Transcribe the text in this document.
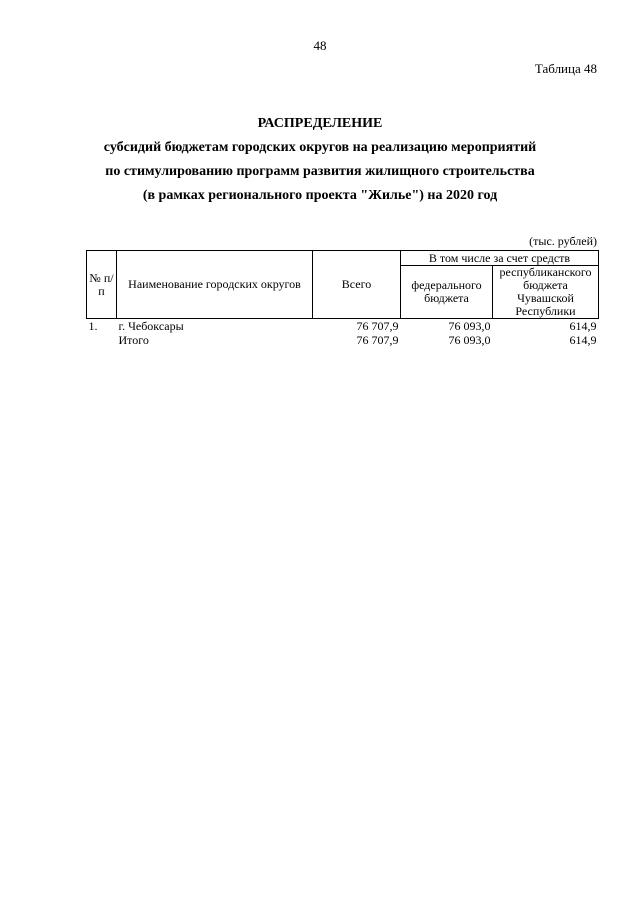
48
Таблица 48
РАСПРЕДЕЛЕНИЕ
субсидий бюджетам городских округов на реализацию мероприятий
по стимулированию программ развития жилищного строительства
(в рамках регионального проекта "Жилье") на 2020 год
(тыс. рублей)
№ п/п	Наименование городских округов	Всего	В том числе за счет средств	
			федерального бюджета	республиканского бюджета Чувашской Республики
1.	г. Чебоксары	76 707,9	76 093,0	614,9
	Итого	76 707,9	76 093,0	614,9
